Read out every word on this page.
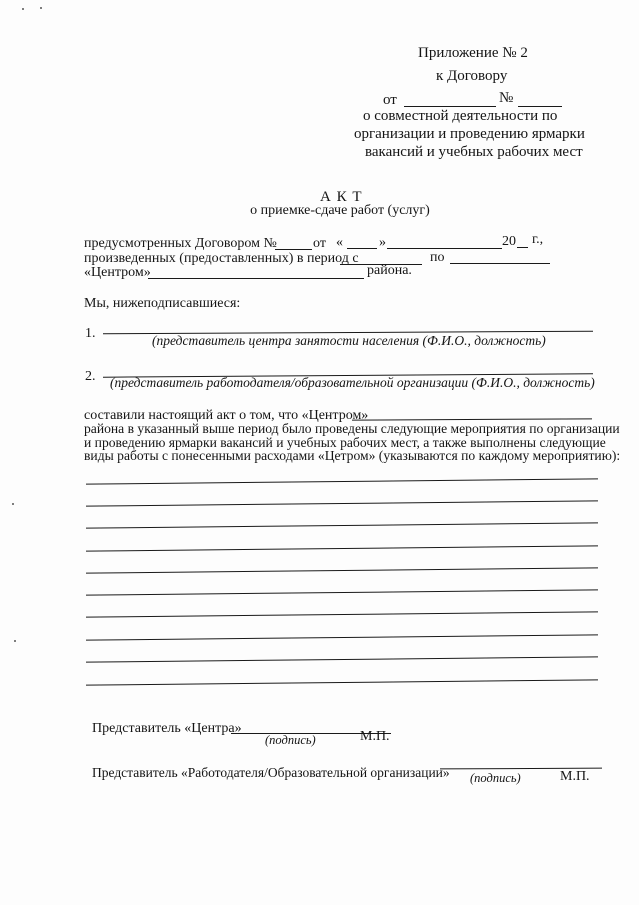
Приложение № 2
к Договору
от	№
о совместной деятельности по
организации и проведению ярмарки
вакансий и учебных рабочих мест
А К Т
о приемке-сдаче работ (услуг)
предусмотренных Договором №	от «	»	20 г.,
произведенных (предоставленных) в период с	по
«Центром»	района.
Мы, нижеподписавшиеся:
1.	(представитель центра занятости населения (Ф.И.О., должность)
2. (представитель работодателя/образовательной организации (Ф.И.О., должность)
составили настоящий акт о том, что «Центром»
района в указанный выше период было проведены следующие мероприятия по организации
и проведению ярмарки вакансий и учебных рабочих мест, а также выполнены следующие
виды работы с понесенными расходами «Цетром» (указываются по каждому мероприятию):
Представитель «Центра»
(подпись)	М.П.
Представитель «Работодателя/Образовательной организации» (подпись)	М.П.
